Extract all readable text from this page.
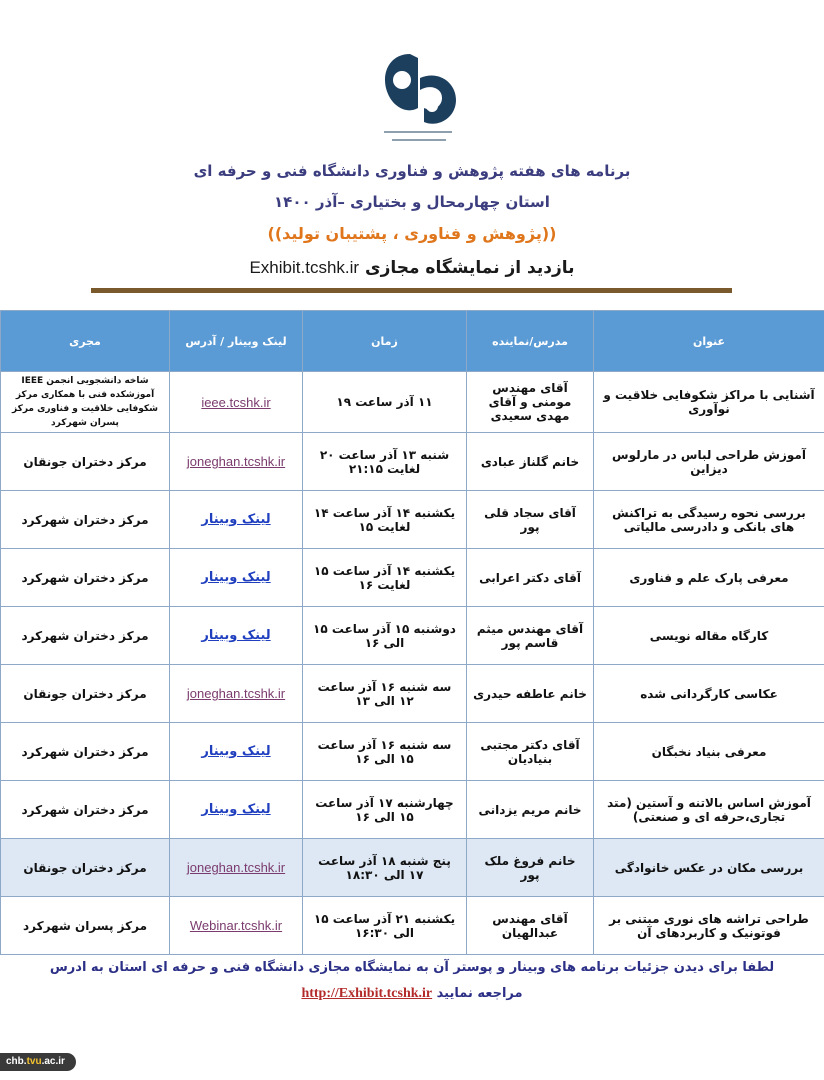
برنامه های هفته پژوهش و فناوری دانشگاه فنی و حرفه ای
استان چهارمحال و بختیاری –آذر ۱۴۰۰
((پژوهش و فناوری ، پشتیبان تولید))
بازدید از نمایشگاه مجازی Exhibit.tcshk.ir
عنوان	مدرس/نماینده	زمان	لینک وبینار / آدرس	مجری
آشنایی با مراکز شکوفایی خلاقیت و نوآوری	آقای مهندس مومنی و آقای مهدی سعیدی	۱۱ آذر ساعت ۱۹	ieee.tcshk.ir	شاخه دانشجویی انجمن IEEE آموزشکده فنی با همکاری مرکز شکوفایی خلاقیت و فناوری مرکز پسران شهرکرد
آموزش طراحی لباس در مارلوس دیزاین	خانم گلناز عبادی	شنبه ۱۳ آذر ساعت ۲۰ لغایت ۲۱:۱۵	joneghan.tcshk.ir	مرکز دختران جونقان
بررسی نحوه رسیدگی به تراکنش های بانکی و دادرسی مالیاتی	آقای سجاد قلی پور	یکشنبه ۱۴ آذر ساعت ۱۴ لغایت ۱۵	لینک وبینار	مرکز دختران شهرکرد
معرفی پارک علم و فناوری	آقای دکتر اعرابی	یکشنبه ۱۴ آذر ساعت ۱۵ لغایت ۱۶	لینک وبینار	مرکز دختران شهرکرد
کارگاه مقاله نویسی	آقای مهندس میثم قاسم پور	دوشنبه ۱۵ آذر ساعت ۱۵ الی ۱۶	لینک وبینار	مرکز دختران شهرکرد
عکاسی کارگردانی شده	خانم عاطفه حیدری	سه شنبه ۱۶ آذر ساعت ۱۲ الی ۱۳	joneghan.tcshk.ir	مرکز دختران جونقان
معرفی بنیاد نخبگان	آقای دکتر مجتبی بنیادیان	سه شنبه ۱۶ آذر ساعت ۱۵ الی ۱۶	لینک وبینار	مرکز دختران شهرکرد
آموزش اساس بالاتنه و آستین (متد تجاری،حرفه ای و صنعتی)	خانم مریم یزدانی	چهارشنبه ۱۷ آذر ساعت ۱۵ الی ۱۶	لینک وبینار	مرکز دختران شهرکرد
بررسی مکان در عکس خانوادگی	خانم فروغ ملک پور	پنج شنبه ۱۸ آذر ساعت ۱۷ الی ۱۸:۳۰	joneghan.tcshk.ir	مرکز دختران جونقان
طراحی تراشه های نوری مبتنی بر فوتونیک و کاربردهای آن	آقای مهندس عبدالهیان	یکشنبه ۲۱ آذر ساعت ۱۵ الی ۱۶:۳۰	Webinar.tcshk.ir	مرکز پسران شهرکرد
لطفا برای دیدن جزئیات برنامه های وبینار و پوستر آن به نمایشگاه مجازی دانشگاه فنی و حرفه ای استان به ادرس
مراجعه نمایید http://Exhibit.tcshk.ir
chb.tvu.ac.ir
